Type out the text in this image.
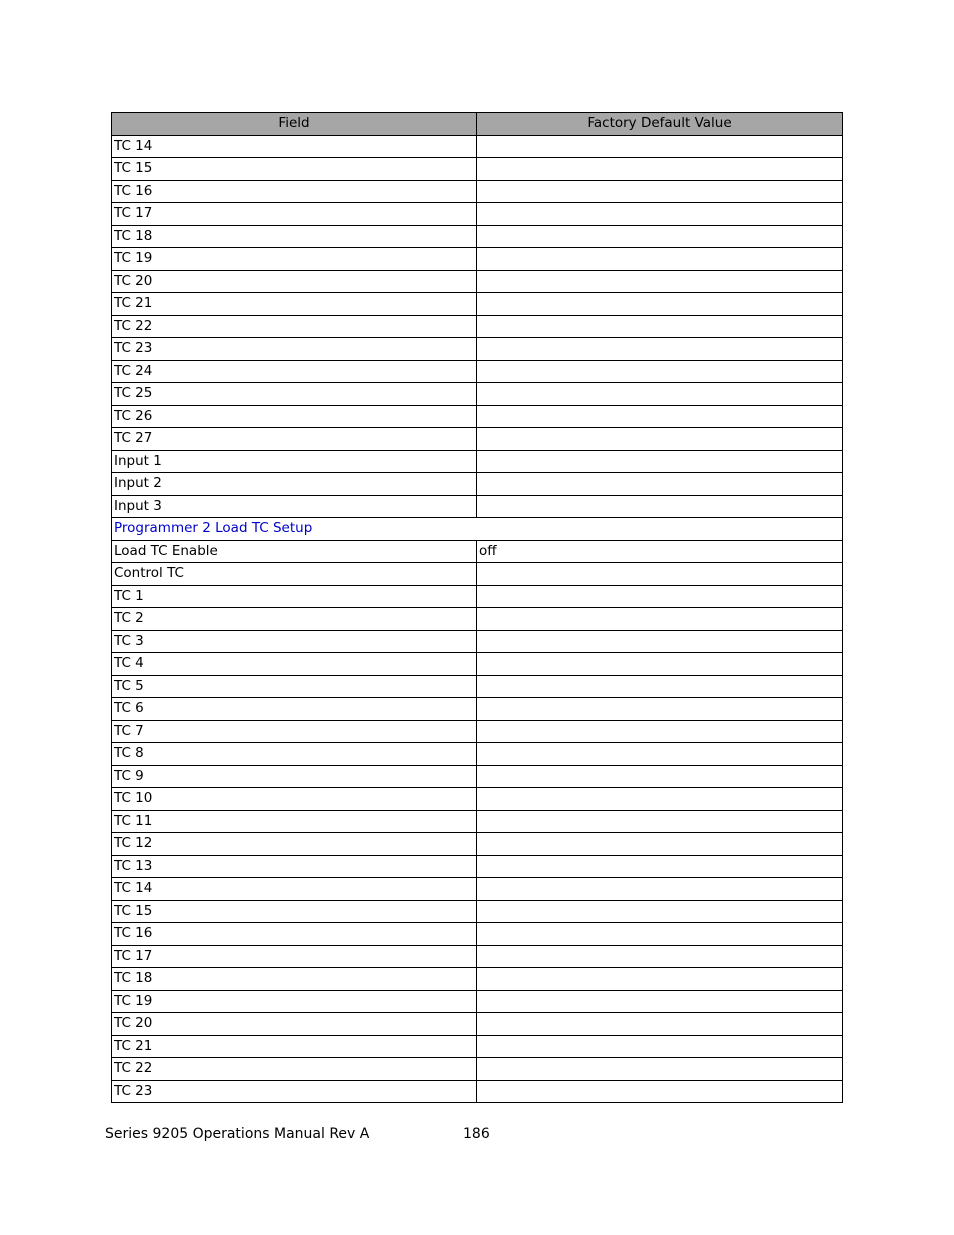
Field	Factory Default Value
TC 14	
TC 15	
TC 16	
TC 17	
TC 18	
TC 19	
TC 20	
TC 21	
TC 22	
TC 23	
TC 24	
TC 25	
TC 26	
TC 27	
Input 1	
Input 2	
Input 3	
Programmer 2 Load TC Setup	
Load TC Enable	off
Control TC	
TC 1	
TC 2	
TC 3	
TC 4	
TC 5	
TC 6	
TC 7	
TC 8	
TC 9	
TC 10	
TC 11	
TC 12	
TC 13	
TC 14	
TC 15	
TC 16	
TC 17	
TC 18	
TC 19	
TC 20	
TC 21	
TC 22	
TC 23	
Series 9205 Operations Manual Rev A	186
